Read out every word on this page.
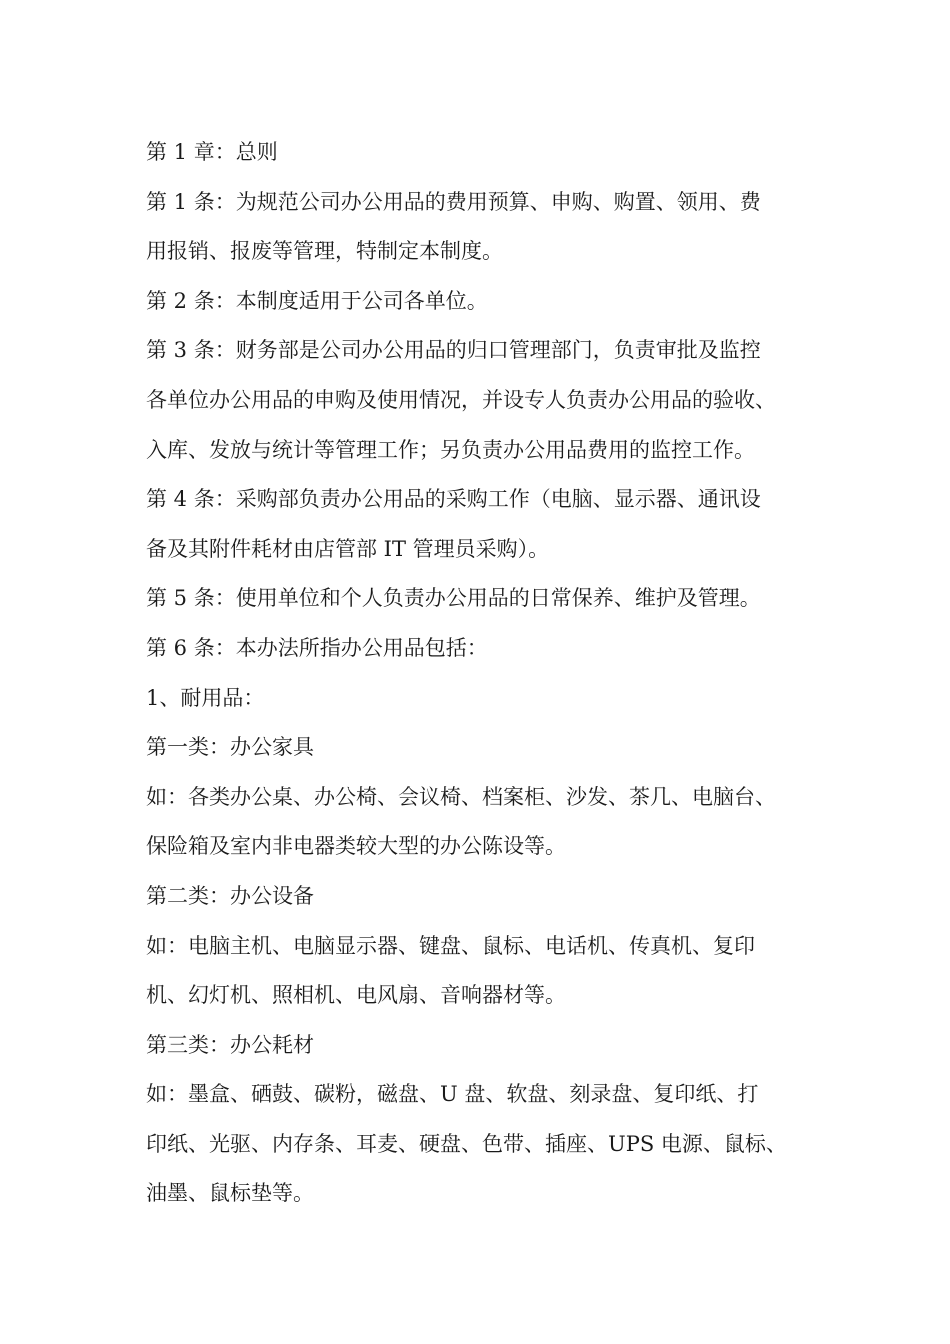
第 1 章：总则
第 1 条：为规范公司办公用品的费用预算、申购、购置、领用、费
用报销、报废等管理，特制定本制度。
第 2 条：本制度适用于公司各单位。
第 3 条：财务部是公司办公用品的归口管理部门，负责审批及监控
各单位办公用品的申购及使用情况，并设专人负责办公用品的验收、
入库、发放与统计等管理工作；另负责办公用品费用的监控工作。
第 4 条：采购部负责办公用品的采购工作（电脑、显示器、通讯设
备及其附件耗材由店管部 IT 管理员采购）。
第 5 条：使用单位和个人负责办公用品的日常保养、维护及管理。
第 6 条：本办法所指办公用品包括：
1、耐用品：
第一类：办公家具
如：各类办公桌、办公椅、会议椅、档案柜、沙发、茶几、电脑台、
保险箱及室内非电器类较大型的办公陈设等。
第二类：办公设备
如：电脑主机、电脑显示器、键盘、鼠标、电话机、传真机、复印
机、幻灯机、照相机、电风扇、音响器材等。
第三类：办公耗材
如：墨盒、硒鼓、碳粉，磁盘、U 盘、软盘、刻录盘、复印纸、打
印纸、光驱、内存条、耳麦、硬盘、色带、插座、UPS 电源、鼠标、
油墨、鼠标垫等。
